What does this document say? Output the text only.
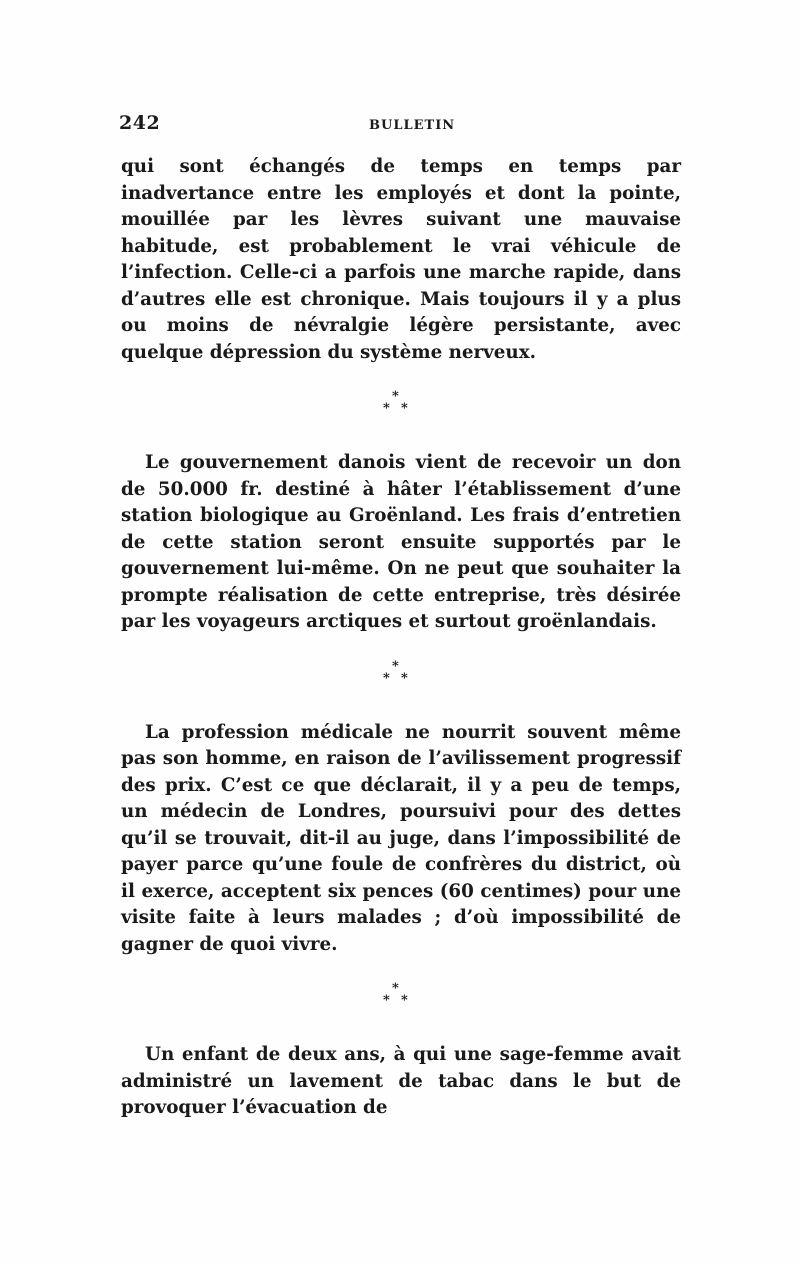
242	BULLETIN

qui sont échangés de temps en temps par inadvertance entre les employés et dont la pointe, mouillée par les lèvres suivant une mauvaise habitude, est probablement le vrai véhicule de l’infection. Celle-ci a parfois une marche rapide, dans d’autres elle est chronique. Mais toujours il y a plus ou moins de névralgie légère persistante, avec quelque dépression du système nerveux.

*
* *

Le gouvernement danois vient de recevoir un don de 50.000 fr. destiné à hâter l’établissement d’une station biologique au Groënland. Les frais d’entretien de cette station seront ensuite supportés par le gouvernement lui-même. On ne peut que souhaiter la prompte réalisation de cette entreprise, très désirée par les voyageurs arctiques et surtout groënlandais.

*
* *

La profession médicale ne nourrit souvent même pas son homme, en raison de l’avilissement progressif des prix. C’est ce que déclarait, il y a peu de temps, un médecin de Londres, poursuivi pour des dettes qu’il se trouvait, dit-il au juge, dans l’impossibilité de payer parce qu’une foule de confrères du district, où il exerce, acceptent six pences (60 centimes) pour une visite faite à leurs malades ; d’où impossibilité de gagner de quoi vivre.

*
* *

Un enfant de deux ans, à qui une sage-femme avait administré un lavement de tabac dans le but de provoquer l’évacuation de
